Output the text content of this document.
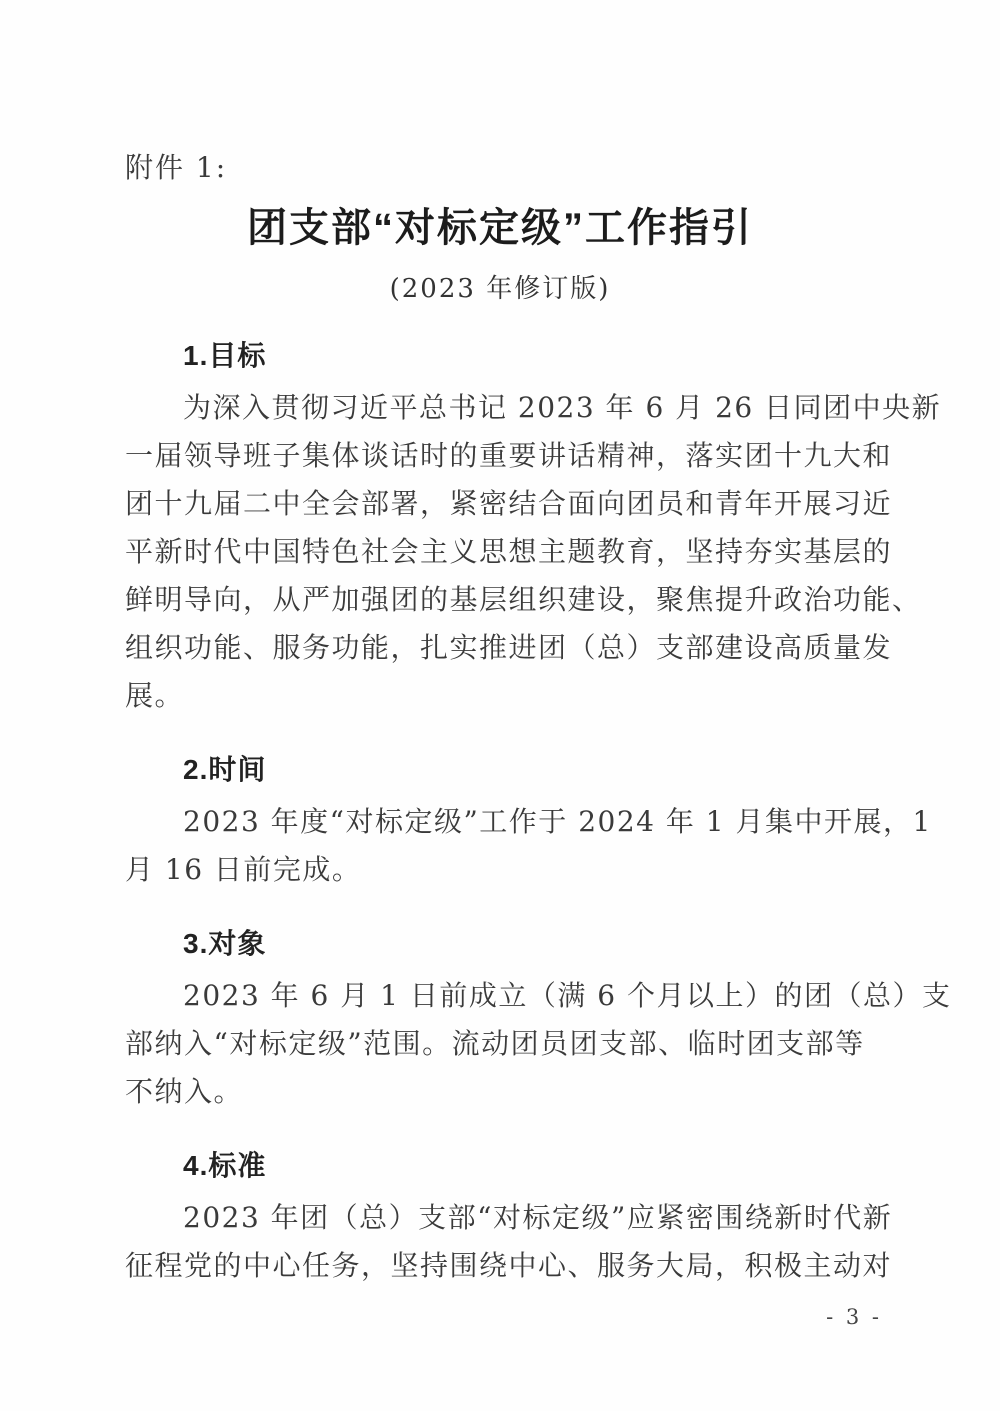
附件 1:
团支部“对标定级”工作指引
(2023 年修订版)
1.目标
为深入贯彻习近平总书记 2023 年 6 月 26 日同团中央新
一届领导班子集体谈话时的重要讲话精神，落实团十九大和
团十九届二中全会部署，紧密结合面向团员和青年开展习近
平新时代中国特色社会主义思想主题教育，坚持夯实基层的
鲜明导向，从严加强团的基层组织建设，聚焦提升政治功能、
组织功能、服务功能，扎实推进团（总）支部建设高质量发
展。
2.时间
2023 年度“对标定级”工作于 2024 年 1 月集中开展，1
月 16 日前完成。
3.对象
2023 年 6 月 1 日前成立（满 6 个月以上）的团（总）支
部纳入“对标定级”范围。流动团员团支部、临时团支部等
不纳入。
4.标准
2023 年团（总）支部“对标定级”应紧密围绕新时代新
征程党的中心任务，坚持围绕中心、服务大局，积极主动对
- 3 -
